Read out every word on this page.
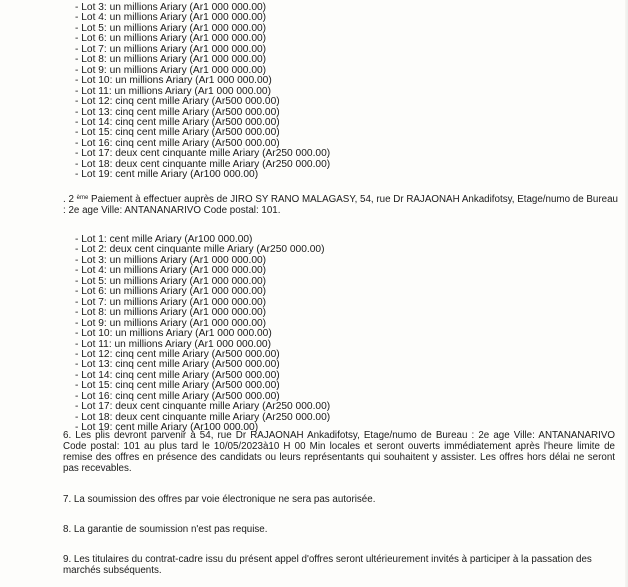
- Lot 3: un millions Ariary (Ar1 000 000.00)
- Lot 4: un millions Ariary (Ar1 000 000.00)
- Lot 5: un millions Ariary (Ar1 000 000.00)
- Lot 6: un millions Ariary (Ar1 000 000.00)
- Lot 7: un millions Ariary (Ar1 000 000.00)
- Lot 8: un millions Ariary (Ar1 000 000.00)
- Lot 9: un millions Ariary (Ar1 000 000.00)
- Lot 10: un millions Ariary (Ar1 000 000.00)
- Lot 11: un millions Ariary (Ar1 000 000.00)
- Lot 12: cinq cent mille Ariary (Ar500 000.00)
- Lot 13: cinq cent mille Ariary (Ar500 000.00)
- Lot 14: cinq cent mille Ariary (Ar500 000.00)
- Lot 15: cinq cent mille Ariary (Ar500 000.00)
- Lot 16: cinq cent mille Ariary (Ar500 000.00)
- Lot 17: deux cent cinquante mille Ariary (Ar250 000.00)
- Lot 18: deux cent cinquante mille Ariary (Ar250 000.00)
- Lot 19: cent mille Ariary (Ar100 000.00)

. 2 $^{ème}$ Paiement à effectuer auprès de JIRO SY RANO MALAGASY, 54, rue Dr RAJAONAH Ankadifotsy, Etage/numo de Bureau : 2e age Ville: ANTANANARIVO Code postal: 101.

- Lot 1: cent mille Ariary (Ar100 000.00)
- Lot 2: deux cent cinquante mille Ariary (Ar250 000.00)
- Lot 3: un millions Ariary (Ar1 000 000.00)
- Lot 4: un millions Ariary (Ar1 000 000.00)
- Lot 5: un millions Ariary (Ar1 000 000.00)
- Lot 6: un millions Ariary (Ar1 000 000.00)
- Lot 7: un millions Ariary (Ar1 000 000.00)
- Lot 8: un millions Ariary (Ar1 000 000.00)
- Lot 9: un millions Ariary (Ar1 000 000.00)
- Lot 10: un millions Ariary (Ar1 000 000.00)
- Lot 11: un millions Ariary (Ar1 000 000.00)
- Lot 12: cinq cent mille Ariary (Ar500 000.00)
- Lot 13: cinq cent mille Ariary (Ar500 000.00)
- Lot 14: cinq cent mille Ariary (Ar500 000.00)
- Lot 15: cinq cent mille Ariary (Ar500 000.00)
- Lot 16: cinq cent mille Ariary (Ar500 000.00)
- Lot 17: deux cent cinquante mille Ariary (Ar250 000.00)
- Lot 18: deux cent cinquante mille Ariary (Ar250 000.00)
- Lot 19: cent mille Ariary (Ar100 000.00)

6. Les plis devront parvenir à 54, rue Dr RAJAONAH Ankadifotsy, Etage/numo de Bureau : 2e age Ville: ANTANANARIVO Code postal: 101 au plus tard le 10/05/2023à10 H 00 Min locales et seront ouverts immédiatement après l'heure limite de remise des offres en présence des candidats ou leurs représentants qui souhaitent y assister. Les offres hors délai ne seront pas recevables.

7. La soumission des offres par voie électronique ne sera pas autorisée.

8. La garantie de soumission n'est pas requise.

9. Les titulaires du contrat-cadre issu du présent appel d'offres seront ultérieurement invités à participer à la passation des marchés subséquents.
